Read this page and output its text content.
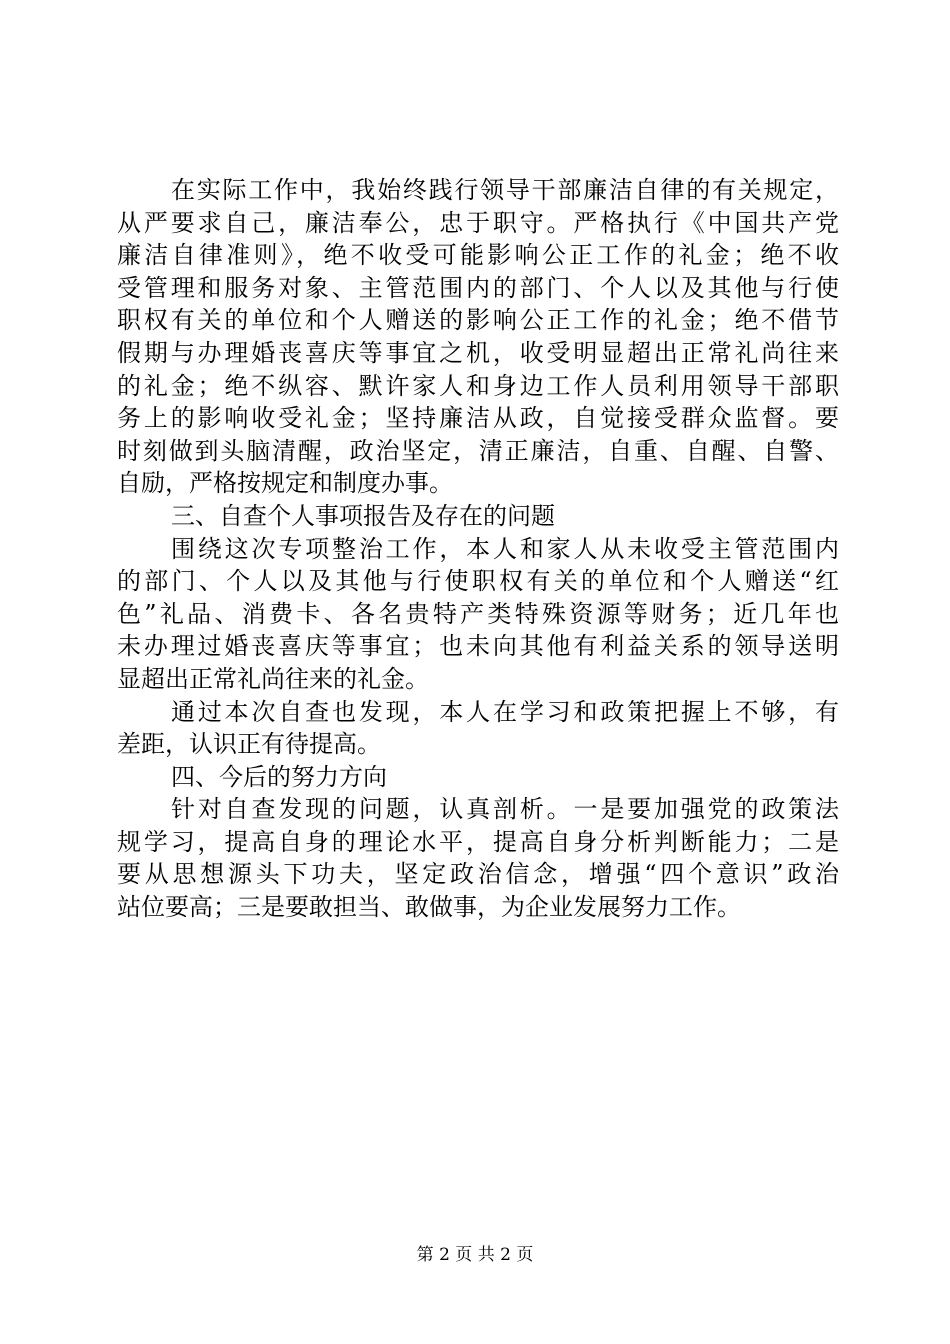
在实际工作中，我始终践行领导干部廉洁自律的有关规定，
从严要求自己，廉洁奉公，忠于职守。严格执行《中国共产党
廉洁自律准则》，绝不收受可能影响公正工作的礼金；绝不收
受管理和服务对象、主管范围内的部门、个人以及其他与行使
职权有关的单位和个人赠送的影响公正工作的礼金；绝不借节
假期与办理婚丧喜庆等事宜之机，收受明显超出正常礼尚往来
的礼金；绝不纵容、默许家人和身边工作人员利用领导干部职
务上的影响收受礼金；坚持廉洁从政，自觉接受群众监督。要
时刻做到头脑清醒，政治坚定，清正廉洁，自重、自醒、自警、
自励，严格按规定和制度办事。
三、自查个人事项报告及存在的问题
围绕这次专项整治工作，本人和家人从未收受主管范围内
的部门、个人以及其他与行使职权有关的单位和个人赠送“红
色”礼品、消费卡、各名贵特产类特殊资源等财务；近几年也
未办理过婚丧喜庆等事宜；也未向其他有利益关系的领导送明
显超出正常礼尚往来的礼金。
通过本次自查也发现，本人在学习和政策把握上不够，有
差距，认识正有待提高。
四、今后的努力方向
针对自查发现的问题，认真剖析。一是要加强党的政策法
规学习，提高自身的理论水平，提高自身分析判断能力；二是
要从思想源头下功夫，坚定政治信念，增强“四个意识”政治
站位要高；三是要敢担当、敢做事，为企业发展努力工作。
第 2 页 共 2 页
